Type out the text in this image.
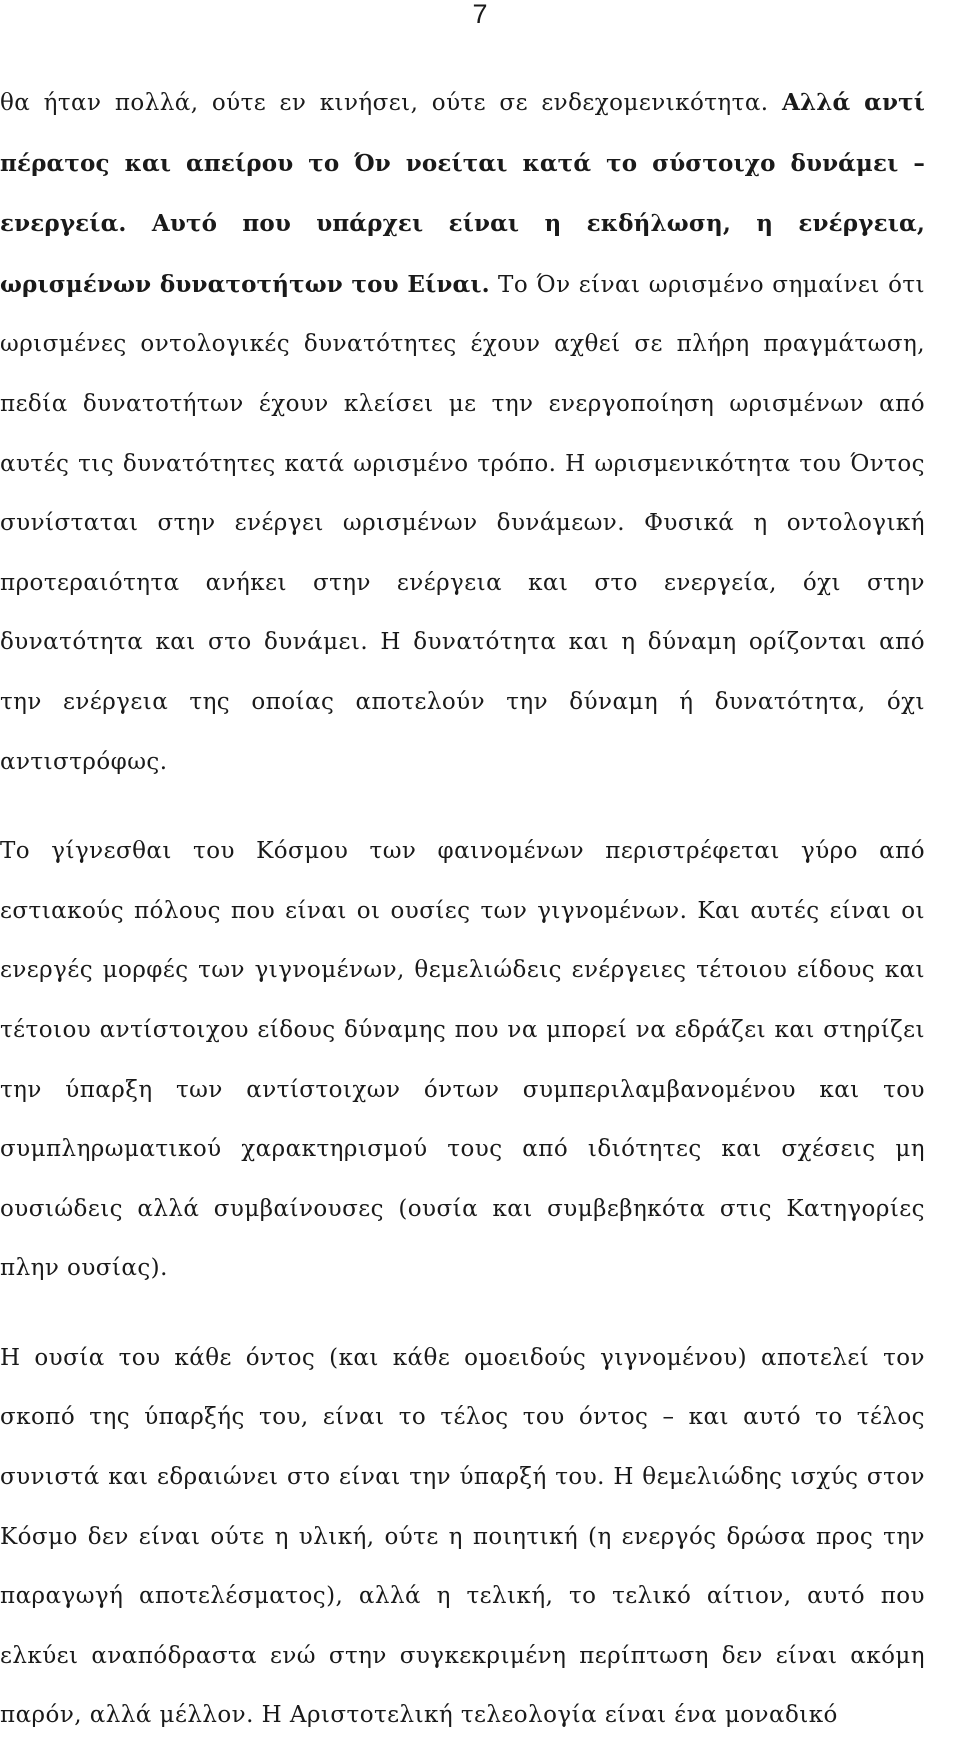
7

θα ήταν πολλά, ούτε εν κινήσει, ούτε σε ενδεχομενικότητα. Αλλά αντί πέρατος και απείρου το Όν νοείται κατά το σύστοιχο δυνάμει – ενεργεία. Αυτό που υπάρχει είναι η εκδήλωση, η ενέργεια, ωρισμένων δυνατοτήτων του Είναι. Το Όν είναι ωρισμένο σημαίνει ότι ωρισμένες οντολογικές δυνατότητες έχουν αχθεί σε πλήρη πραγμάτωση, πεδία δυνατοτήτων έχουν κλείσει με την ενεργοποίηση ωρισμένων από αυτές τις δυνατότητες κατά ωρισμένο τρόπο. Η ωρισμενικότητα του Όντος συνίσταται στην ενέργει ωρισμένων δυνάμεων. Φυσικά η οντολογική προτεραιότητα ανήκει στην ενέργεια και στο ενεργεία, όχι στην δυνατότητα και στο δυνάμει. Η δυνατότητα και η δύναμη ορίζονται από την ενέργεια της οποίας αποτελούν την δύναμη ή δυνατότητα, όχι αντιστρόφως.

Το γίγνεσθαι του Κόσμου των φαινομένων περιστρέφεται γύρο από εστιακούς πόλους που είναι οι ουσίες των γιγνομένων. Και αυτές είναι οι ενεργές μορφές των γιγνομένων, θεμελιώδεις ενέργειες τέτοιου είδους και τέτοιου αντίστοιχου είδους δύναμης που να μπορεί να εδράζει και στηρίζει την ύπαρξη των αντίστοιχων όντων συμπεριλαμβανομένου και του συμπληρωματικού χαρακτηρισμού τους από ιδιότητες και σχέσεις μη ουσιώδεις αλλά συμβαίνουσες (ουσία και συμβεβηκότα στις Κατηγορίες πλην ουσίας).

Η ουσία του κάθε όντος (και κάθε ομοειδούς γιγνομένου) αποτελεί τον σκοπό της ύπαρξής του, είναι το τέλος του όντος – και αυτό το τέλος συνιστά και εδραιώνει στο είναι την ύπαρξή του. Η θεμελιώδης ισχύς στον Κόσμο δεν είναι ούτε η υλική, ούτε η ποιητική (η ενεργός δρώσα προς την παραγωγή αποτελέσματος), αλλά η τελική, το τελικό αίτιον, αυτό που ελκύει αναπόδραστα ενώ στην συγκεκριμένη περίπτωση δεν είναι ακόμη παρόν, αλλά μέλλον. Η Αριστοτελική τελεολογία είναι ένα μοναδικό
